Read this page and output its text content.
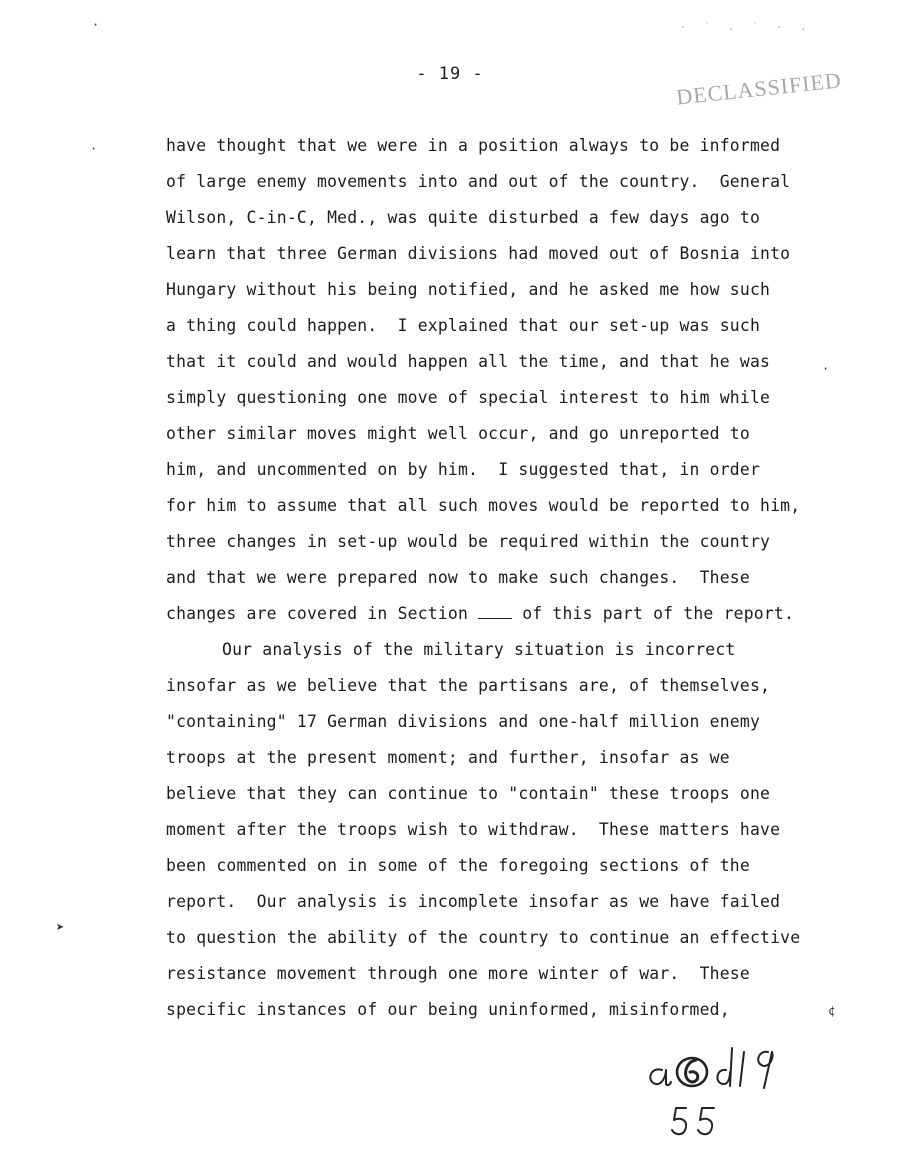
· ˙ . ˙ · .
DECLASSIFIED
- 19 -
have thought that we were in a position always to be informed
of large enemy movements into and out of the country.  General
Wilson, C-in-C, Med., was quite disturbed a few days ago to
learn that three German divisions had moved out of Bosnia into
Hungary without his being notified, and he asked me how such
a thing could happen.  I explained that our set-up was such
that it could and would happen all the time, and that he was
simply questioning one move of special interest to him while
other similar moves might well occur, and go unreported to
him, and uncommented on by him.  I suggested that, in order
for him to assume that all such moves would be reported to him,
three changes in set-up would be required within the country
and that we were prepared now to make such changes.  These
changes are covered in Section	of this part of the report.
Our analysis of the military situation is incorrect
insofar as we believe that the partisans are, of themselves,
"containing" 17 German divisions and one-half million enemy
troops at the present moment; and further, insofar as we
believe that they can continue to "contain" these troops one
moment after the troops wish to withdraw.  These matters have
been commented on in some of the foregoing sections of the
report.  Our analysis is incomplete insofar as we have failed
to question the ability of the country to continue an effective
resistance movement through one more winter of war.  These
specific instances of our being uninformed, misinformed,
·
·
·
➤
¢
